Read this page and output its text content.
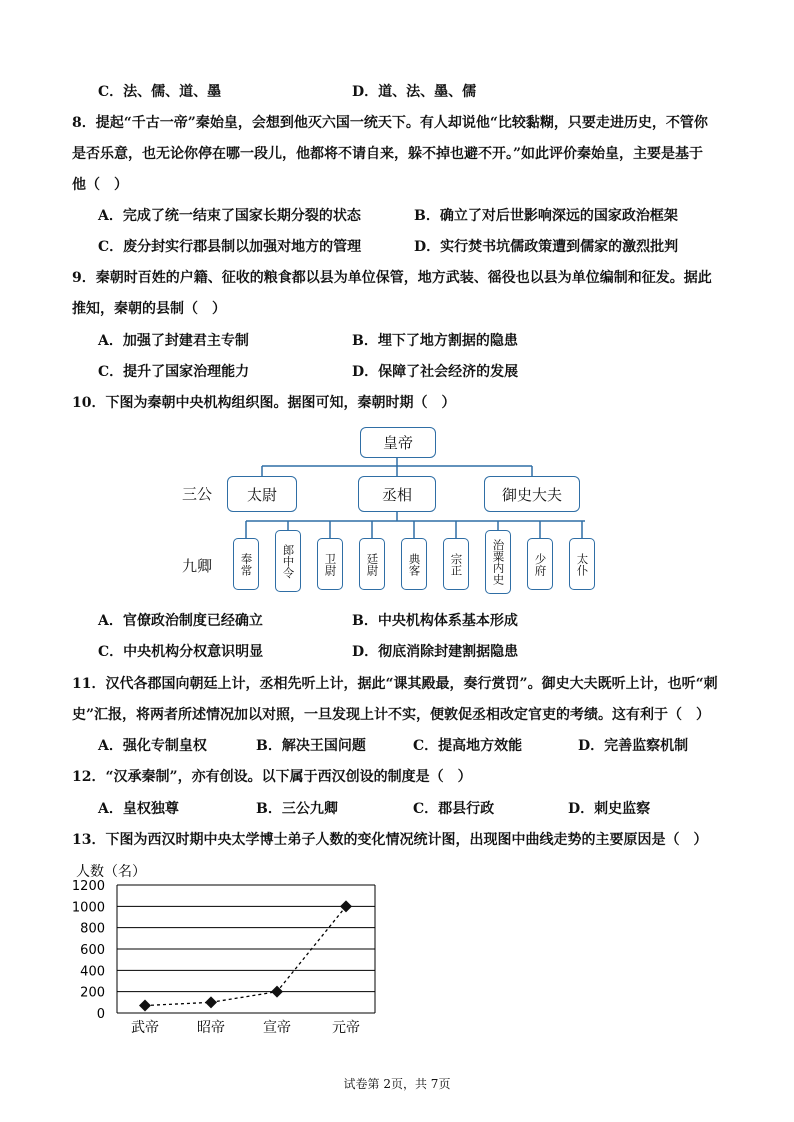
C．法、儒、道、墨	D．道、法、墨、儒
8．提起“千古一帝”秦始皇，会想到他灭六国一统天下。有人却说他“比较黏糊，只要走进历史，不管你
是否乐意，也无论你停在哪一段儿，他都将不请自来，躲不掉也避不开。”如此评价秦始皇，主要是基于
他（　）
A．完成了统一结束了国家长期分裂的状态	B．确立了对后世影响深远的国家政治框架
C．废分封实行郡县制以加强对地方的管理	D．实行焚书坑儒政策遭到儒家的激烈批判
9．秦朝时百姓的户籍、征收的粮食都以县为单位保管，地方武装、徭役也以县为单位编制和征发。据此
推知，秦朝的县制（　）
A．加强了封建君主专制	B．埋下了地方割据的隐患
C．提升了国家治理能力	D．保障了社会经济的发展
10．下图为秦朝中央机构组织图。据图可知，秦朝时期（　）
皇帝
三公	太尉	丞相	御史大夫
九卿	奉常	郎中令	卫尉	廷尉	典客	宗正	治粟内史	少府	太仆
A．官僚政治制度已经确立	B．中央机构体系基本形成
C．中央机构分权意识明显	D．彻底消除封建割据隐患
11．汉代各郡国向朝廷上计，丞相先听上计，据此“课其殿最，奏行赏罚”。御史大夫既听上计，也听“刺
史”汇报，将两者所述情况加以对照，一旦发现上计不实，便敦促丞相改定官吏的考绩。这有利于（　）
A．强化专制皇权	B．解决王国问题	C．提高地方效能	D．完善监察机制
12．“汉承秦制”，亦有创设。以下属于西汉创设的制度是（　）
A．皇权独尊	B．三公九卿	C．郡县行政	D．刺史监察
13．下图为西汉时期中央太学博士弟子人数的变化情况统计图，出现图中曲线走势的主要原因是（　）
人数（名）
0
200
400
600
800
1000
1200
武帝	昭帝	宣帝	元帝
试卷第 2页，共 7页
